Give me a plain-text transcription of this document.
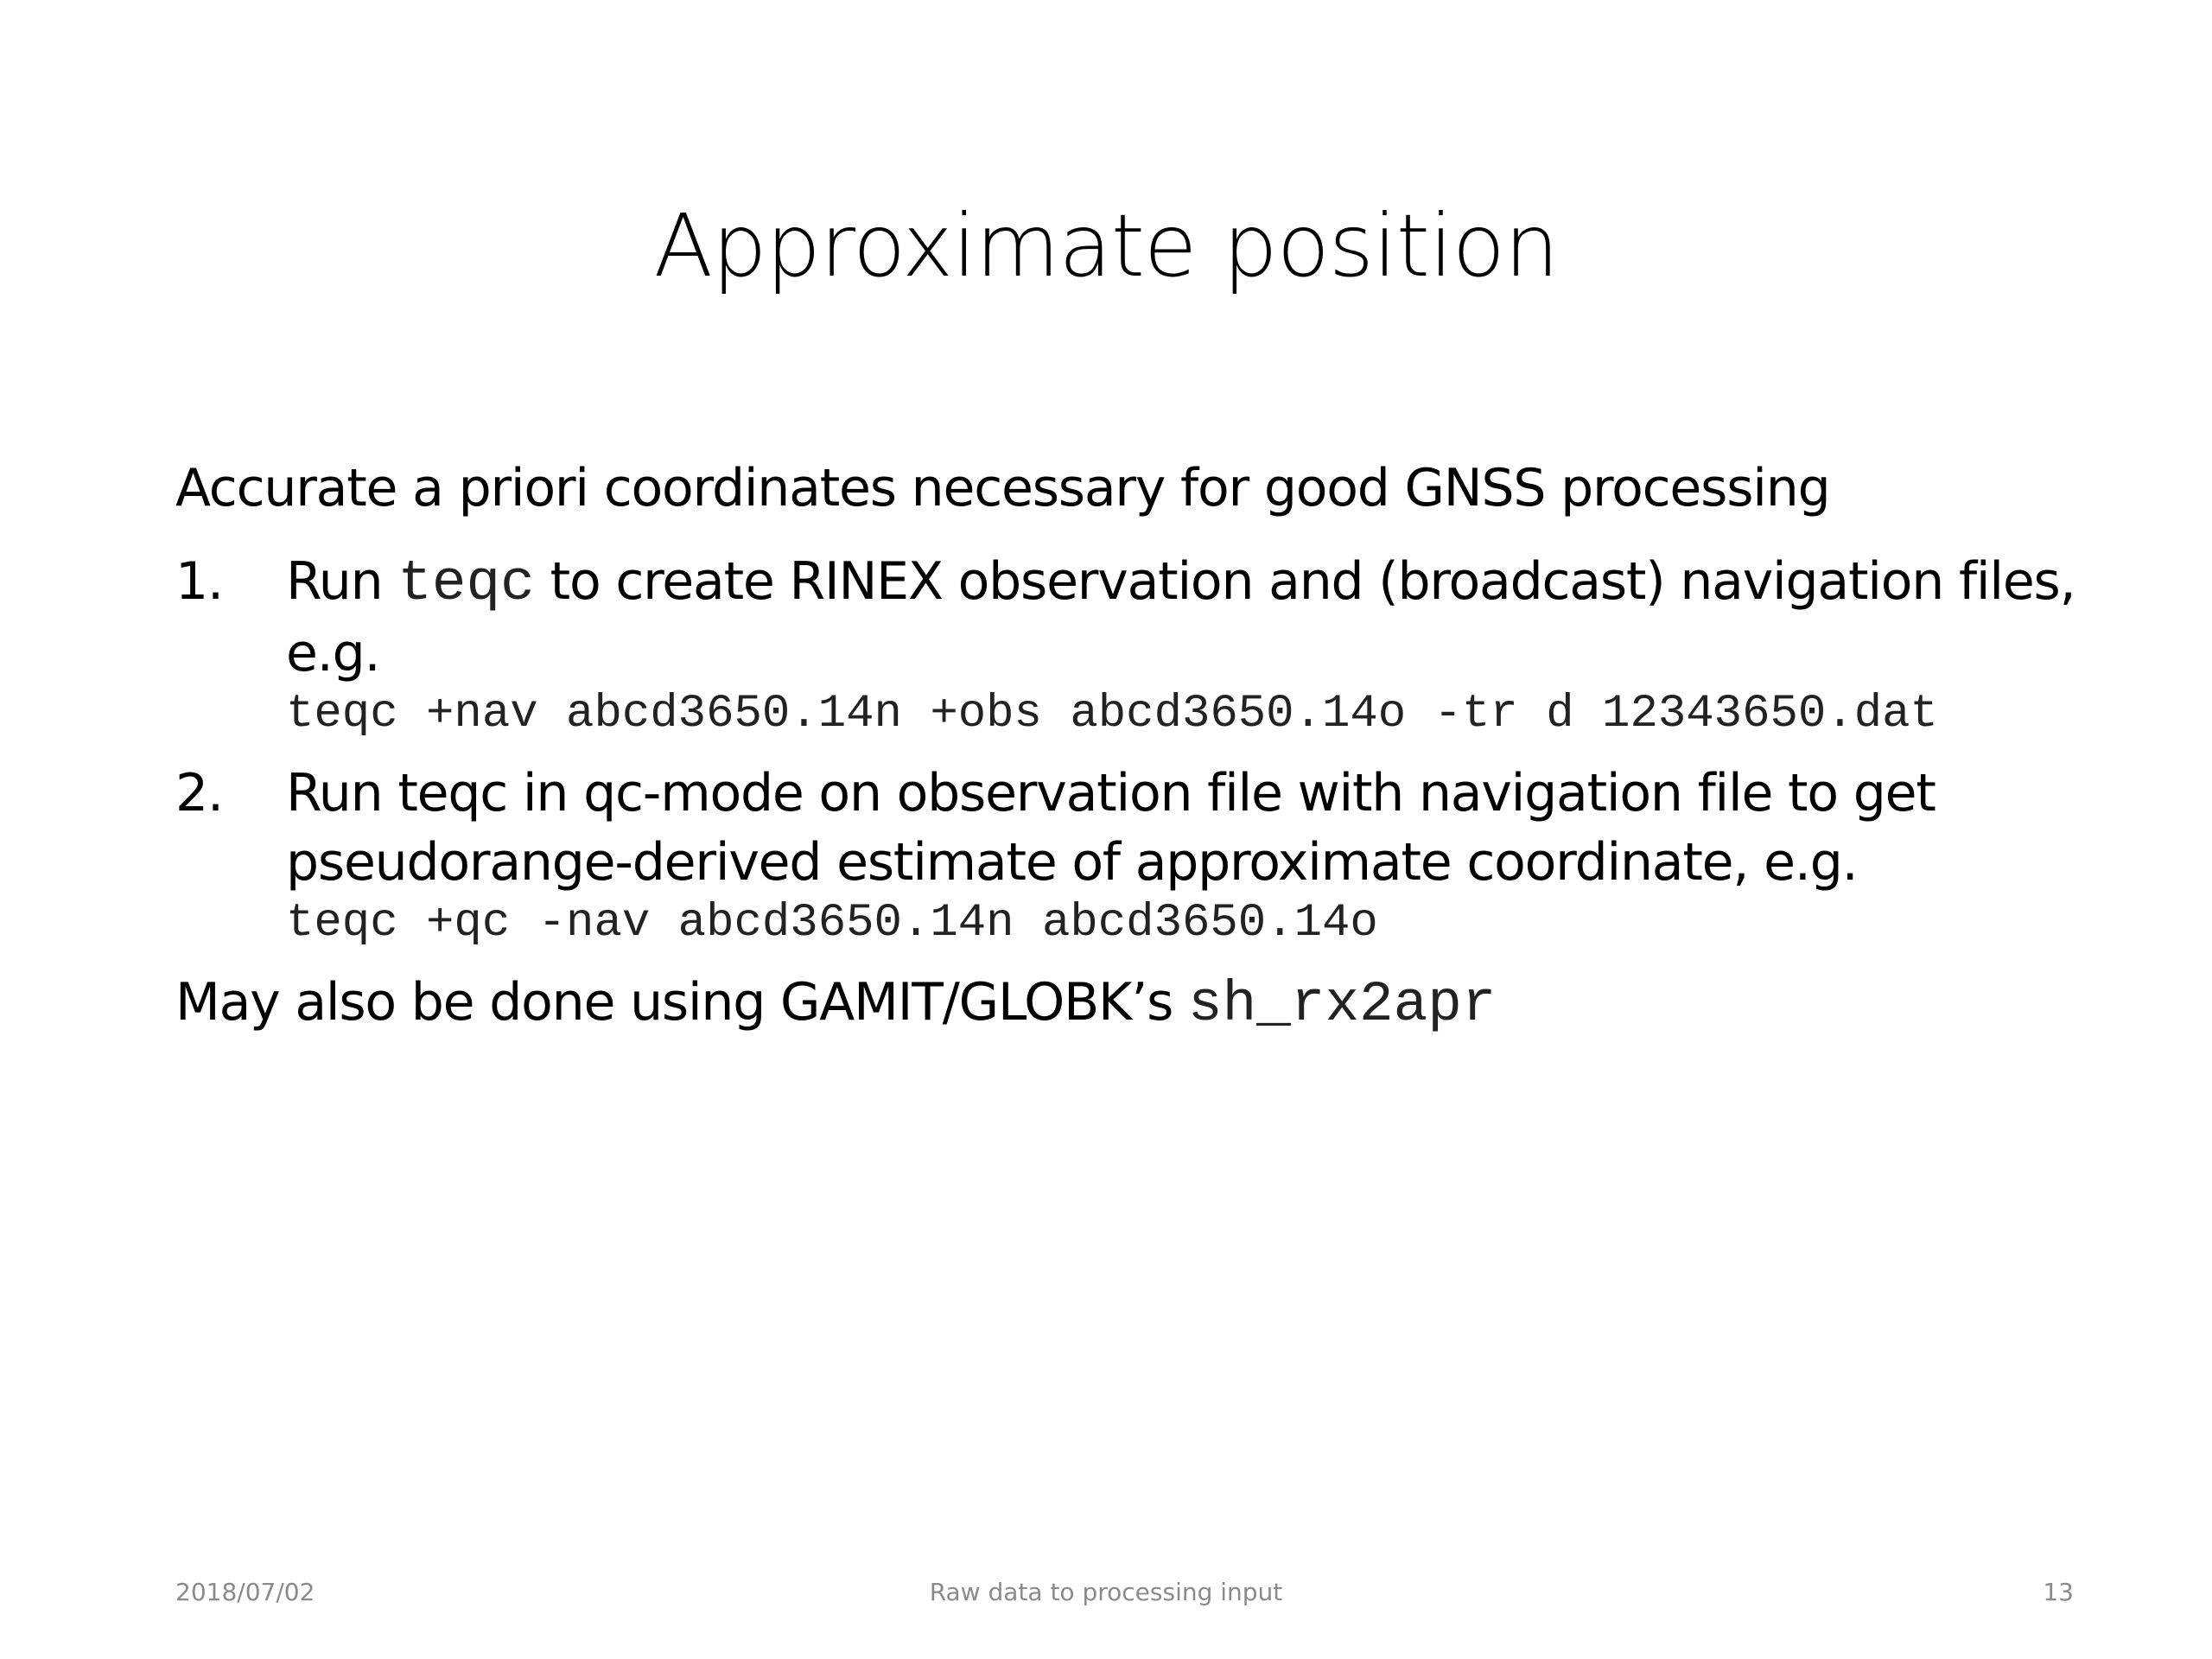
Approximate position

Accurate a priori coordinates necessary for good GNSS processing

1. Run teqc to create RINEX observation and (broadcast) navigation files, e.g.
teqc +nav abcd3650.14n +obs abcd3650.14o -tr d 12343650.dat
2. Run teqc in qc-mode on observation file with navigation file to get pseudorange-derived estimate of approximate coordinate, e.g.
teqc +qc -nav abcd3650.14n abcd3650.14o

May also be done using GAMIT/GLOBK’s sh_rx2apr

Raw data to processing input
2018/07/02	13
